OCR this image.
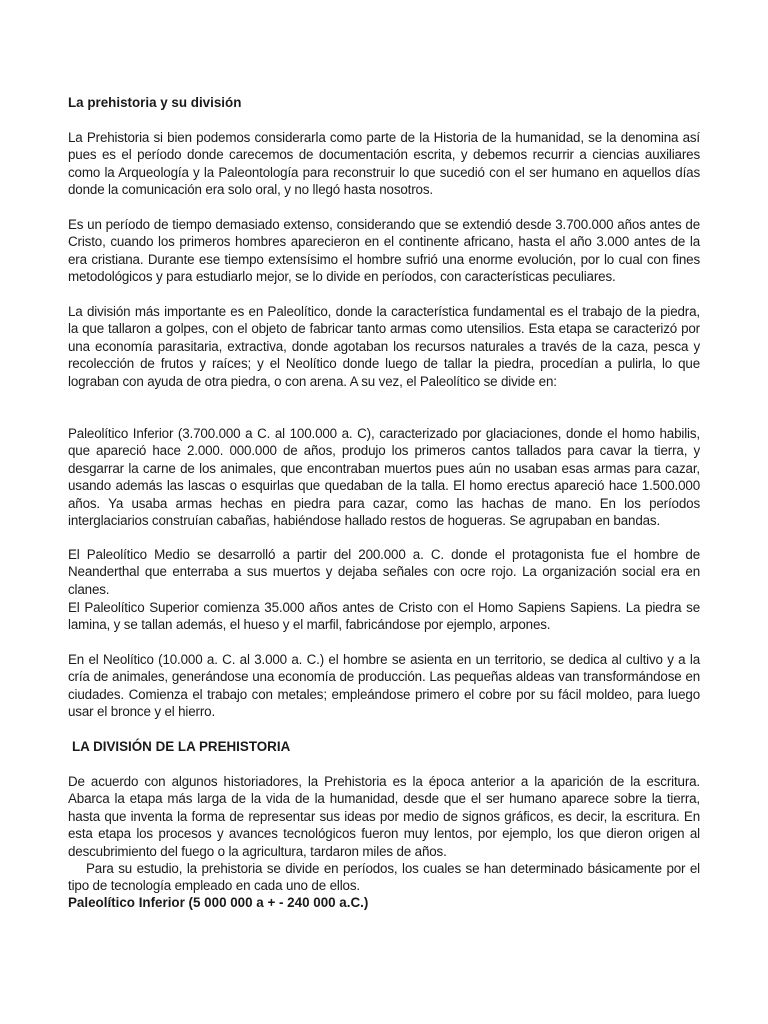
La prehistoria y su división

La Prehistoria si bien podemos considerarla como parte de la Historia de la humanidad, se la denomina así pues es el período donde carecemos de documentación escrita, y debemos recurrir a ciencias auxiliares como la Arqueología y la Paleontología para reconstruir lo que sucedió con el ser humano en aquellos días donde la comunicación era solo oral, y no llegó hasta nosotros.

Es un período de tiempo demasiado extenso, considerando que se extendió desde 3.700.000 años antes de Cristo, cuando los primeros hombres aparecieron en el continente africano, hasta el año 3.000 antes de la era cristiana. Durante ese tiempo extensísimo el hombre sufrió una enorme evolución, por lo cual con fines metodológicos y para estudiarlo mejor, se lo divide en períodos, con características peculiares.

La división más importante es en Paleolítico, donde la característica fundamental es el trabajo de la piedra, la que tallaron a golpes, con el objeto de fabricar tanto armas como utensilios. Esta etapa se caracterizó por una economía parasitaria, extractiva, donde agotaban los recursos naturales a través de la caza, pesca y recolección de frutos y raíces; y el Neolítico donde luego de tallar la piedra, procedían a pulirla, lo que lograban con ayuda de otra piedra, o con arena. A su vez, el Paleolítico se divide en:

Paleolítico Inferior (3.700.000 a C. al 100.000 a. C), caracterizado por glaciaciones, donde el homo habilis, que apareció hace 2.000. 000.000 de años, produjo los primeros cantos tallados para cavar la tierra, y desgarrar la carne de los animales, que encontraban muertos pues aún no usaban esas armas para cazar, usando además las lascas o esquirlas que quedaban de la talla. El homo erectus apareció hace 1.500.000 años. Ya usaba armas hechas en piedra para cazar, como las hachas de mano. En los períodos interglaciarios construían cabañas, habiéndose hallado restos de hogueras. Se agrupaban en bandas.

El Paleolítico Medio se desarrolló a partir del 200.000 a. C. donde el protagonista fue el hombre de Neanderthal que enterraba a sus muertos y dejaba señales con ocre rojo. La organización social era en clanes.

El Paleolítico Superior comienza 35.000 años antes de Cristo con el Homo Sapiens Sapiens. La piedra se lamina, y se tallan además, el hueso y el marfil, fabricándose por ejemplo, arpones.

En el Neolítico (10.000 a. C. al 3.000 a. C.) el hombre se asienta en un territorio, se dedica al cultivo y a la cría de animales, generándose una economía de producción. Las pequeñas aldeas van transformándose en ciudades. Comienza el trabajo con metales; empleándose primero el cobre por su fácil moldeo, para luego usar el bronce y el hierro.

LA DIVISIÓN DE LA PREHISTORIA

De acuerdo con algunos historiadores, la Prehistoria es la época anterior a la aparición de la escritura. Abarca la etapa más larga de la vida de la humanidad, desde que el ser humano aparece sobre la tierra, hasta que inventa la forma de representar sus ideas por medio de signos gráficos, es decir, la escritura. En esta etapa los procesos y avances tecnológicos fueron muy lentos, por ejemplo, los que dieron origen al descubrimiento del fuego o la agricultura, tardaron miles de años.

Para su estudio, la prehistoria se divide en períodos, los cuales se han determinado básicamente por el tipo de tecnología empleado en cada uno de ellos.

Paleolítico Inferior (5 000 000 a + - 240 000 a.C.)
